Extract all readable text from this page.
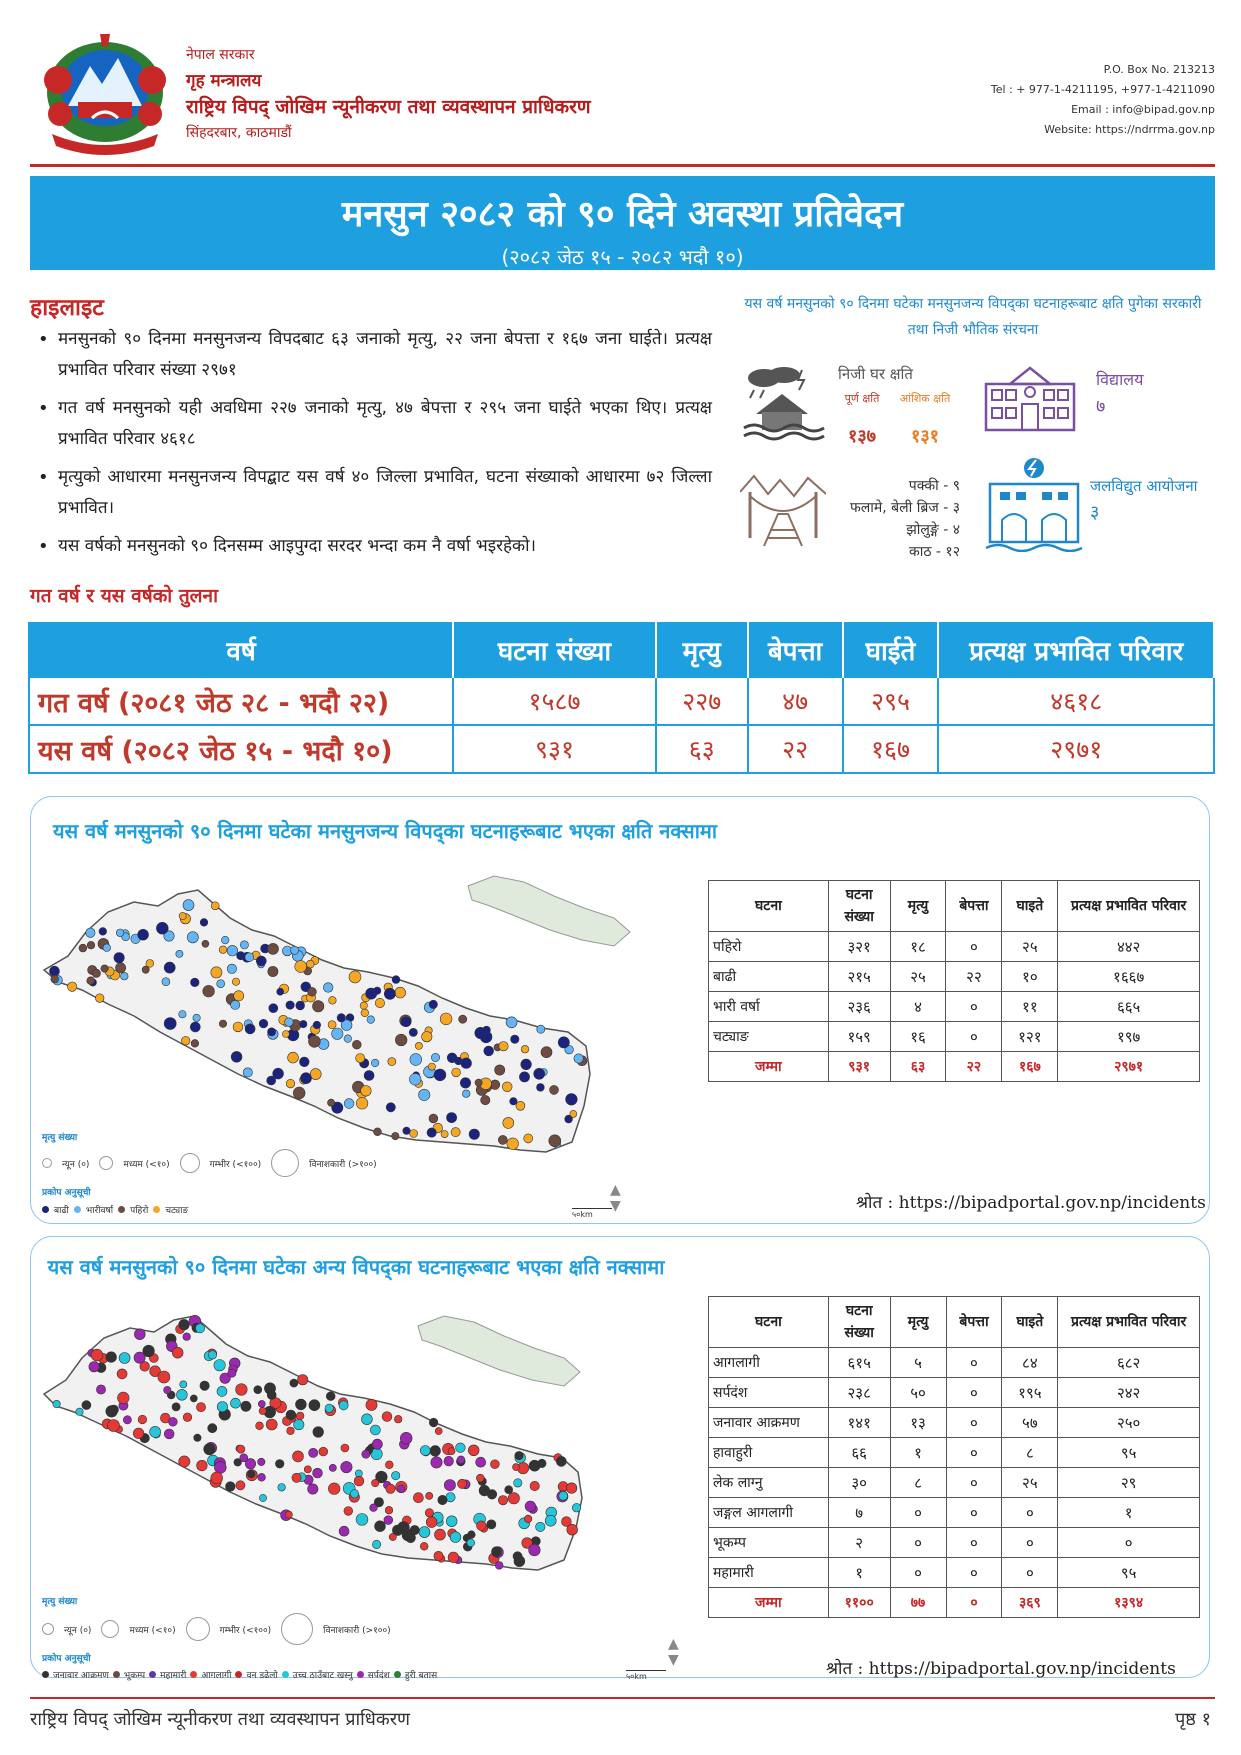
नेपाल सरकार
गृह मन्त्रालय
राष्ट्रिय विपद् जोखिम न्यूनीकरण तथा व्यवस्थापन प्राधिकरण
सिंहदरबार, काठमाडौं
P.O. Box No. 213213
Tel : + 977-1-4211195, +977-1-4211090
Email : info@bipad.gov.np
Website: https://ndrrma.gov.np
मनसुन २०८२ को ९० दिने अवस्था प्रतिवेदन
(२०८२ जेठ १५ - २०८२ भदौ १०)
हाइलाइट
• मनसुनको ९० दिनमा मनसुनजन्य विपदबाट ६३ जनाको मृत्यु, २२ जना बेपत्ता र १६७ जना घाईते। प्रत्यक्ष प्रभावित परिवार संख्या २९७१
• गत वर्ष मनसुनको यही अवधिमा २२७ जनाको मृत्यु, ४७ बेपत्ता र २९५ जना घाईते भएका थिए। प्रत्यक्ष प्रभावित परिवार ४६१८
• मृत्युको आधारमा मनसुनजन्य विपद्बाट यस वर्ष ४० जिल्ला प्रभावित, घटना संख्याको आधारमा ७२ जिल्ला प्रभावित।
• यस वर्षको मनसुनको ९० दिनसम्म आइपुग्दा सरदर भन्दा कम नै वर्षा भइरहेको।
यस वर्ष मनसुनको ९० दिनमा घटेका मनसुनजन्य विपद्का घटनाहरूबाट क्षति पुगेका सरकारी तथा निजी भौतिक संरचना
निजी घर क्षति
पूर्ण क्षति	आंशिक क्षति
१३७	१३१
विद्यालय
७
पक्की - ९
फलामे, बेली ब्रिज - ३
झोलुङ्गे - ४
काठ - १२
जलविद्युत आयोजना
३
गत वर्ष र यस वर्षको तुलना
वर्ष	घटना संख्या	मृत्यु	बेपत्ता	घाईते	प्रत्यक्ष प्रभावित परिवार
गत वर्ष (२०८१ जेठ २८ - भदौ २२)	१५८७	२२७	४७	२९५	४६१८
यस वर्ष (२०८२ जेठ १५ - भदौ १०)	९३१	६३	२२	१६७	२९७१
यस वर्ष मनसुनको ९० दिनमा घटेका मनसुनजन्य विपद्का घटनाहरूबाट भएका क्षति नक्सामा
मृत्यु संख्या
न्यून (०)	मध्यम (<१०)	गम्भीर (<१००)	विनाशकारी (>१००)
प्रकोप अनुसूची
बाढी भारीवर्षा पहिरो चट्याङ	५०km
▲
▼
घटना	घटना संख्या	मृत्यु	बेपत्ता	घाइते	प्रत्यक्ष प्रभावित परिवार
पहिरो	३२१	१८	०	२५	४४२
बाढी	२१५	२५	२२	१०	१६६७
भारी वर्षा	२३६	४	०	११	६६५
चट्याङ	१५९	१६	०	१२१	१९७
जम्मा	९३१	६३	२२	१६७	२९७१
श्रोत : https://bipadportal.gov.np/incidents
यस वर्ष मनसुनको ९० दिनमा घटेका अन्य विपद्का घटनाहरूबाट भएका क्षति नक्सामा
मृत्यु संख्या
न्यून (०)	मध्यम (<१०)	गम्भीर (<१००)	विनाशकारी (>१००)
प्रकोप अनुसूची
जनावार आक्रमण भूकम्प महामारी आगलागी वन डढेलो उच्च ठाउँबाट खस्नु सर्पदंश हुरी बतास	५०km
▲
▼
घटना	घटना संख्या	मृत्यु	बेपत्ता	घाइते	प्रत्यक्ष प्रभावित परिवार
आगलागी	६१५	५	०	८४	६८२
सर्पदंश	२३८	५०	०	१९५	२४२
जनावार आक्रमण	१४१	१३	०	५७	२५०
हावाहुरी	६६	१	०	८	९५
लेक लाग्नु	३०	८	०	२५	२९
जङ्गल आगलागी	७	०	०	०	१
भूकम्प	२	०	०	०	०
महामारी	१	०	०	०	९५
जम्मा	११००	७७	०	३६९	१३९४
श्रोत : https://bipadportal.gov.np/incidents
राष्ट्रिय विपद् जोखिम न्यूनीकरण तथा व्यवस्थापन प्राधिकरण	पृष्ठ १
